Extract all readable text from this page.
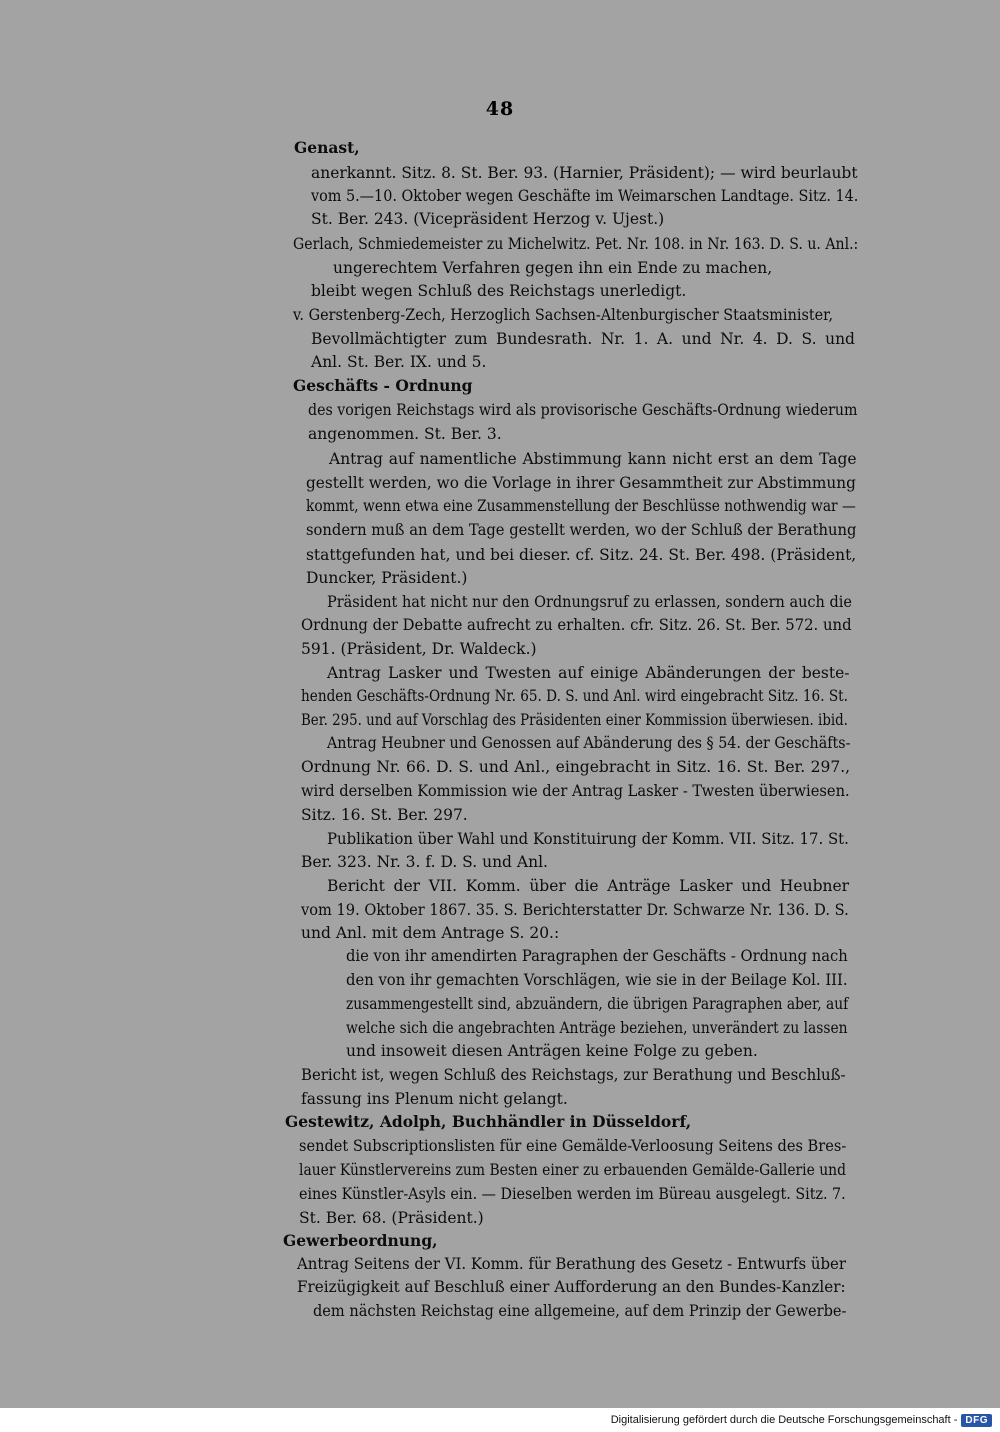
48
Genast,
anerkannt. Sitz. 8. St. Ber. 93. (Harnier, Präsident); — wird beurlaubt
vom 5.—10. Oktober wegen Geschäfte im Weimarschen Landtage. Sitz. 14.
St. Ber. 243. (Vicepräsident Herzog v. Ujest.)
Gerlach, Schmiedemeister zu Michelwitz. Pet. Nr. 108. in Nr. 163. D. S. u. Anl.:
ungerechtem Verfahren gegen ihn ein Ende zu machen,
bleibt wegen Schluß des Reichstags unerledigt.
v. Gerstenberg-Zech, Herzoglich Sachsen-Altenburgischer Staatsminister,
Bevollmächtigter zum Bundesrath. Nr. 1. A. und Nr. 4. D. S. und
Anl. St. Ber. IX. und 5.
Geschäfts - Ordnung
des vorigen Reichstags wird als provisorische Geschäfts-Ordnung wiederum
angenommen. St. Ber. 3.
Antrag auf namentliche Abstimmung kann nicht erst an dem Tage
gestellt werden, wo die Vorlage in ihrer Gesammtheit zur Abstimmung
kommt, wenn etwa eine Zusammenstellung der Beschlüsse nothwendig war —
sondern muß an dem Tage gestellt werden, wo der Schluß der Berathung
stattgefunden hat, und bei dieser. cf. Sitz. 24. St. Ber. 498. (Präsident,
Duncker, Präsident.)
Präsident hat nicht nur den Ordnungsruf zu erlassen, sondern auch die
Ordnung der Debatte aufrecht zu erhalten. cfr. Sitz. 26. St. Ber. 572. und
591. (Präsident, Dr. Waldeck.)
Antrag Lasker und Twesten auf einige Abänderungen der beste-
henden Geschäfts-Ordnung Nr. 65. D. S. und Anl. wird eingebracht Sitz. 16. St.
Ber. 295. und auf Vorschlag des Präsidenten einer Kommission überwiesen. ibid.
Antrag Heubner und Genossen auf Abänderung des § 54. der Geschäfts-
Ordnung Nr. 66. D. S. und Anl., eingebracht in Sitz. 16. St. Ber. 297.,
wird derselben Kommission wie der Antrag Lasker - Twesten überwiesen.
Sitz. 16. St. Ber. 297.
Publikation über Wahl und Konstituirung der Komm. VII. Sitz. 17. St.
Ber. 323. Nr. 3. f. D. S. und Anl.
Bericht der VII. Komm. über die Anträge Lasker und Heubner
vom 19. Oktober 1867. 35. S. Berichterstatter Dr. Schwarze Nr. 136. D. S.
und Anl. mit dem Antrage S. 20.:
die von ihr amendirten Paragraphen der Geschäfts - Ordnung nach
den von ihr gemachten Vorschlägen, wie sie in der Beilage Kol. III.
zusammengestellt sind, abzuändern, die übrigen Paragraphen aber, auf
welche sich die angebrachten Anträge beziehen, unverändert zu lassen
und insoweit diesen Anträgen keine Folge zu geben.
Bericht ist, wegen Schluß des Reichstags, zur Berathung und Beschluß-
fassung ins Plenum nicht gelangt.
Gestewitz, Adolph, Buchhändler in Düsseldorf,
sendet Subscriptionslisten für eine Gemälde-Verloosung Seitens des Bres-
lauer Künstlervereins zum Besten einer zu erbauenden Gemälde-Gallerie und
eines Künstler-Asyls ein. — Dieselben werden im Büreau ausgelegt. Sitz. 7.
St. Ber. 68. (Präsident.)
Gewerbeordnung,
Antrag Seitens der VI. Komm. für Berathung des Gesetz - Entwurfs über
Freizügigkeit auf Beschluß einer Aufforderung an den Bundes-Kanzler:
dem nächsten Reichstag eine allgemeine, auf dem Prinzip der Gewerbe-
Digitalisierung gefördert durch die Deutsche Forschungsgemeinschaft - DFG
